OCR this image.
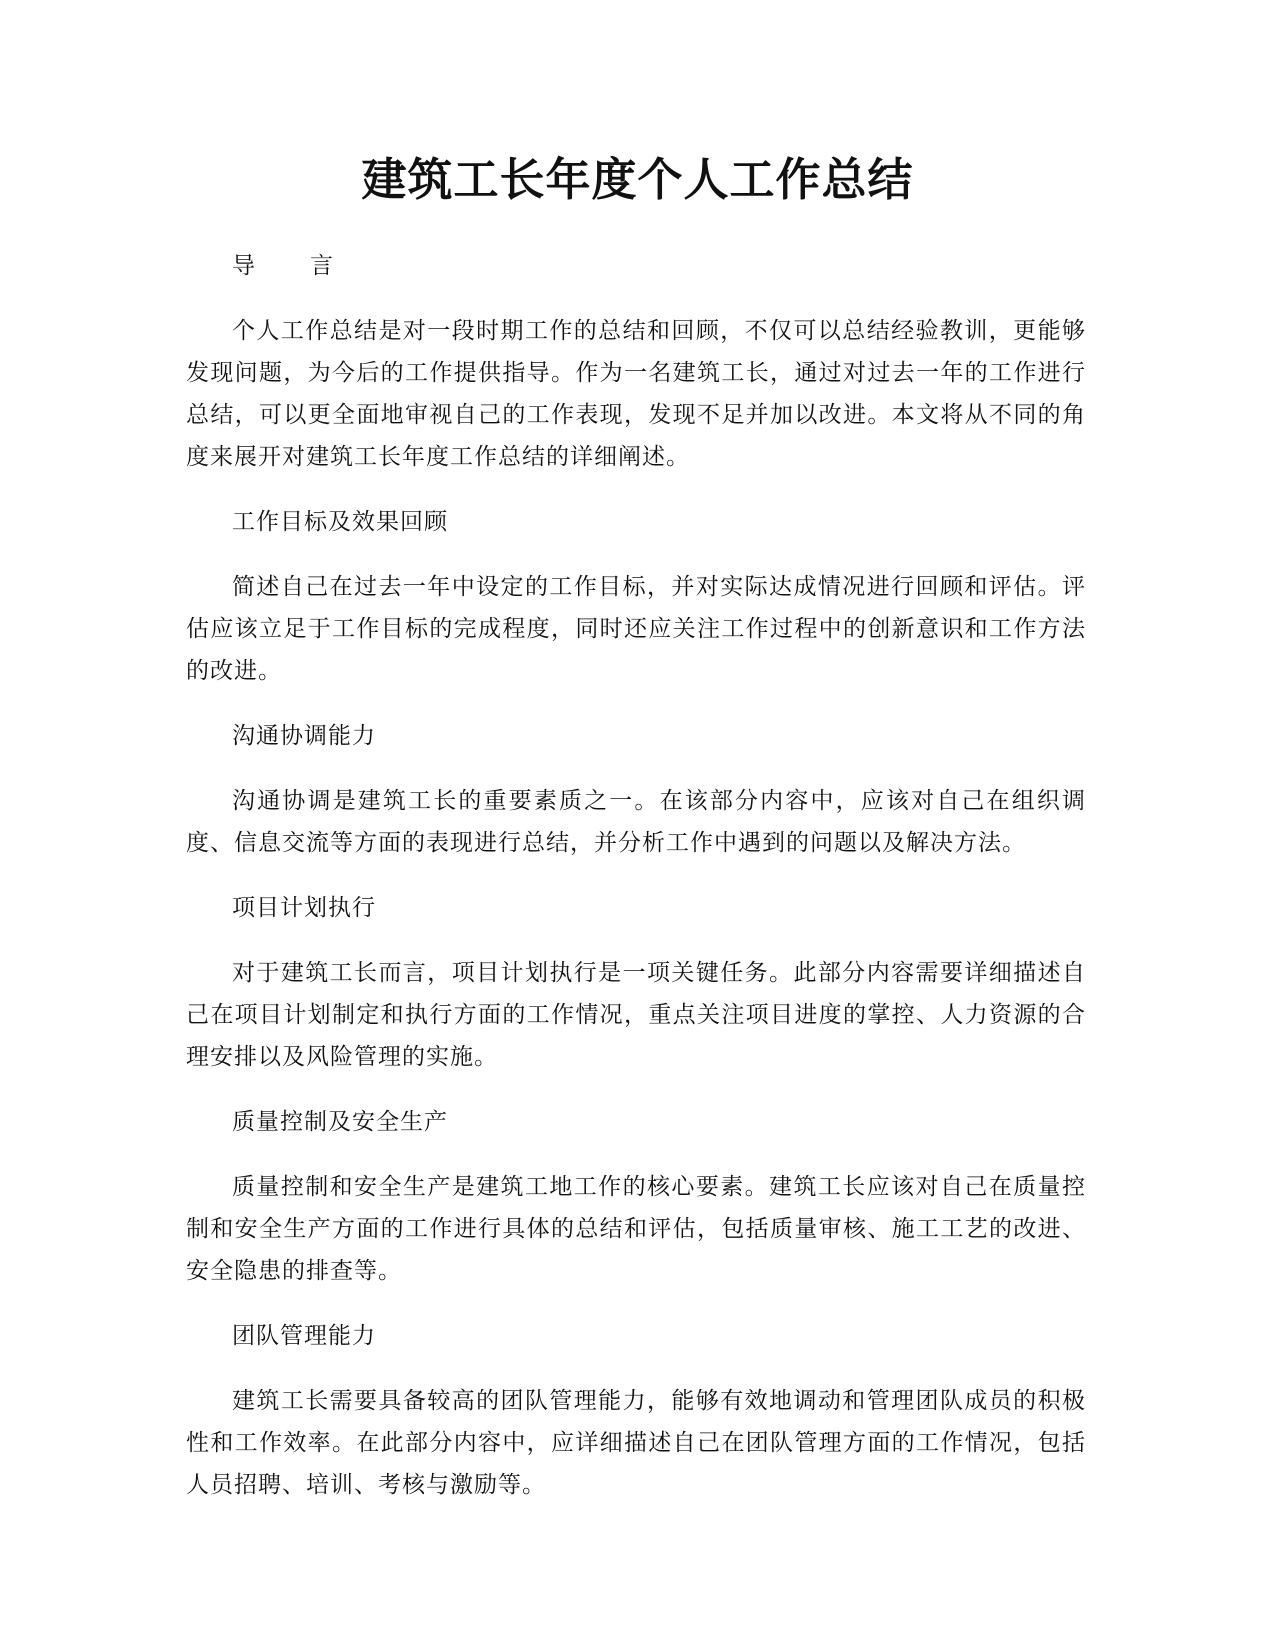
建筑工长年度个人工作总结

导 言

个人工作总结是对一段时期工作的总结和回顾，不仅可以总结经验教训，更能够发现问题，为今后的工作提供指导。作为一名建筑工长，通过对过去一年的工作进行总结，可以更全面地审视自己的工作表现，发现不足并加以改进。本文将从不同的角度来展开对建筑工长年度工作总结的详细阐述。

工作目标及效果回顾

简述自己在过去一年中设定的工作目标，并对实际达成情况进行回顾和评估。评估应该立足于工作目标的完成程度，同时还应关注工作过程中的创新意识和工作方法的改进。

沟通协调能力

沟通协调是建筑工长的重要素质之一。在该部分内容中，应该对自己在组织调度、信息交流等方面的表现进行总结，并分析工作中遇到的问题以及解决方法。

项目计划执行

对于建筑工长而言，项目计划执行是一项关键任务。此部分内容需要详细描述自己在项目计划制定和执行方面的工作情况，重点关注项目进度的掌控、人力资源的合理安排以及风险管理的实施。

质量控制及安全生产

质量控制和安全生产是建筑工地工作的核心要素。建筑工长应该对自己在质量控制和安全生产方面的工作进行具体的总结和评估，包括质量审核、施工工艺的改进、安全隐患的排查等。

团队管理能力

建筑工长需要具备较高的团队管理能力，能够有效地调动和管理团队成员的积极性和工作效率。在此部分内容中，应详细描述自己在团队管理方面的工作情况，包括人员招聘、培训、考核与激励等。
